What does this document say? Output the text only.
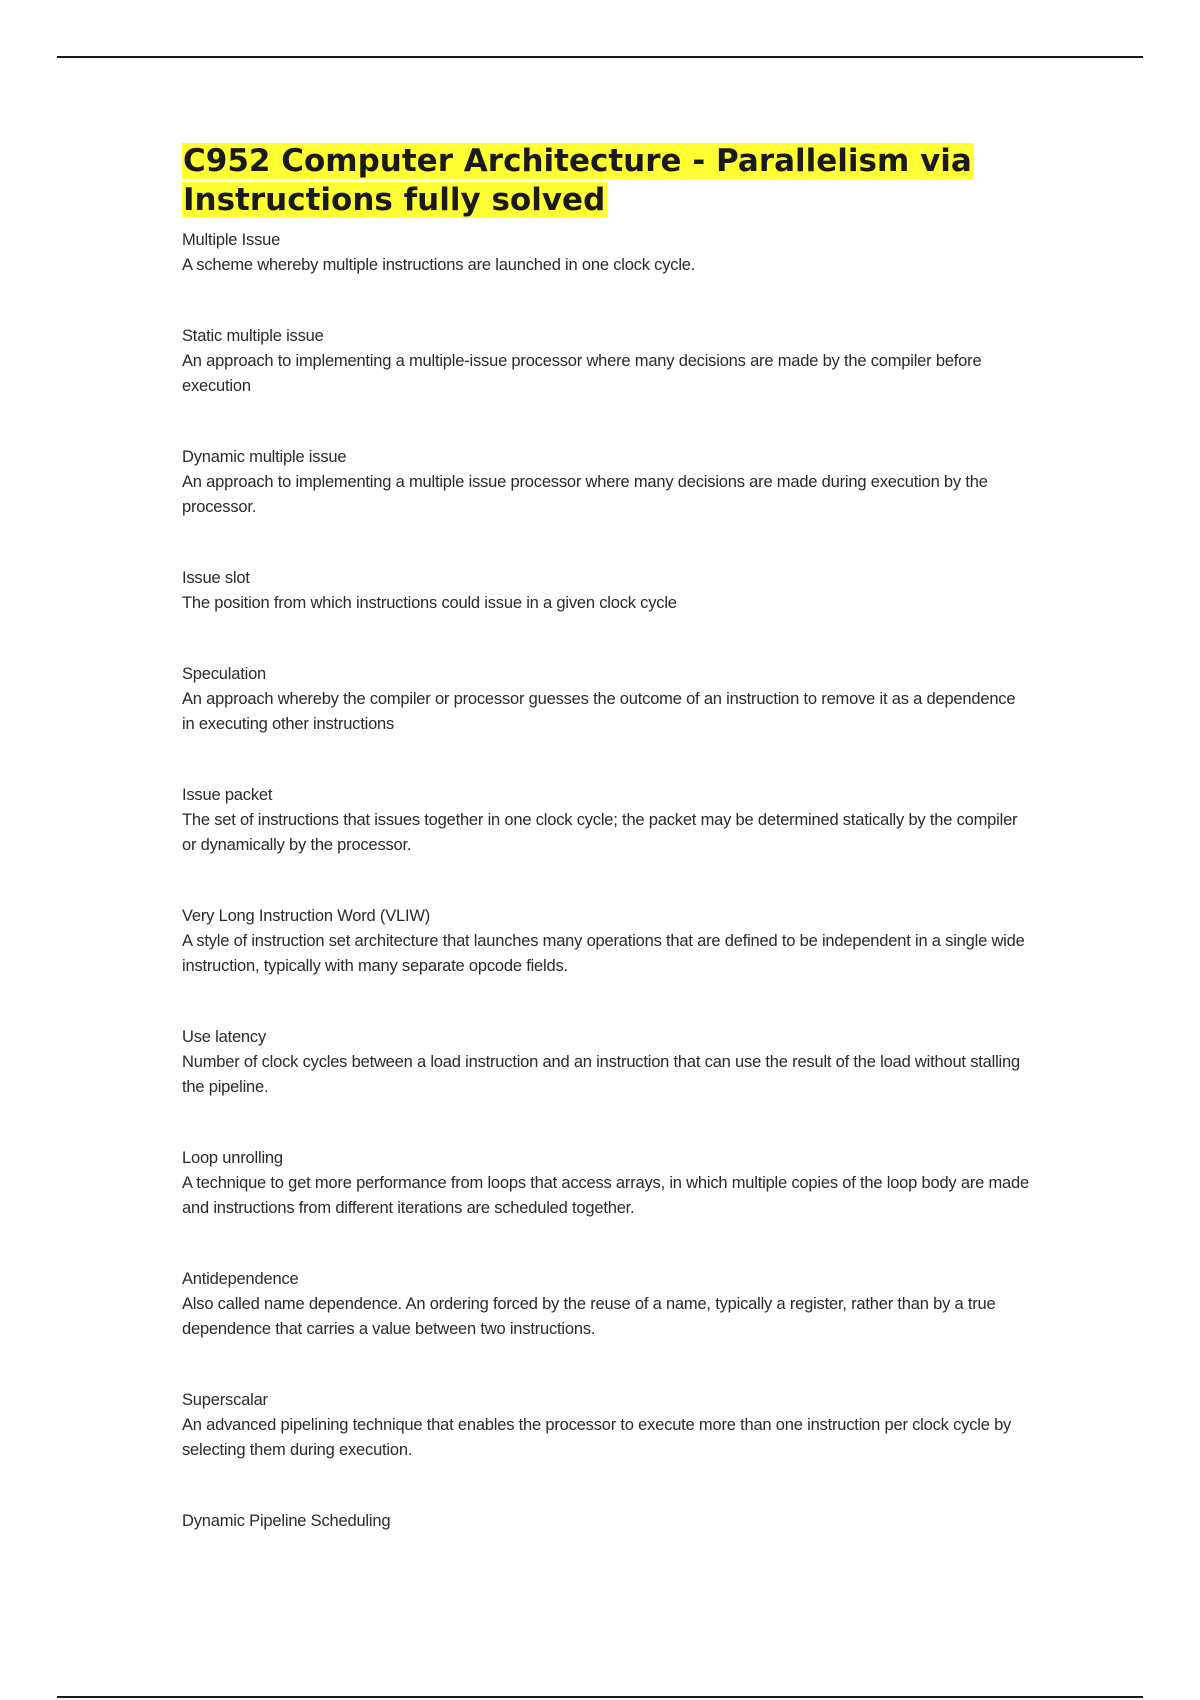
C952 Computer Architecture - Parallelism via Instructions fully solved

Multiple Issue

A scheme whereby multiple instructions are launched in one clock cycle.

Static multiple issue

An approach to implementing a multiple-issue processor where many decisions are made by the compiler before execution

Dynamic multiple issue

An approach to implementing a multiple issue processor where many decisions are made during execution by the processor.

Issue slot

The position from which instructions could issue in a given clock cycle

Speculation

An approach whereby the compiler or processor guesses the outcome of an instruction to remove it as a dependence in executing other instructions

Issue packet

The set of instructions that issues together in one clock cycle; the packet may be determined statically by the compiler or dynamically by the processor.

Very Long Instruction Word (VLIW)

A style of instruction set architecture that launches many operations that are defined to be independent in a single wide instruction, typically with many separate opcode fields.

Use latency

Number of clock cycles between a load instruction and an instruction that can use the result of the load without stalling the pipeline.

Loop unrolling

A technique to get more performance from loops that access arrays, in which multiple copies of the loop body are made and instructions from different iterations are scheduled together.

Antidependence

Also called name dependence. An ordering forced by the reuse of a name, typically a register, rather than by a true dependence that carries a value between two instructions.

Superscalar

An advanced pipelining technique that enables the processor to execute more than one instruction per clock cycle by selecting them during execution.

Dynamic Pipeline Scheduling
